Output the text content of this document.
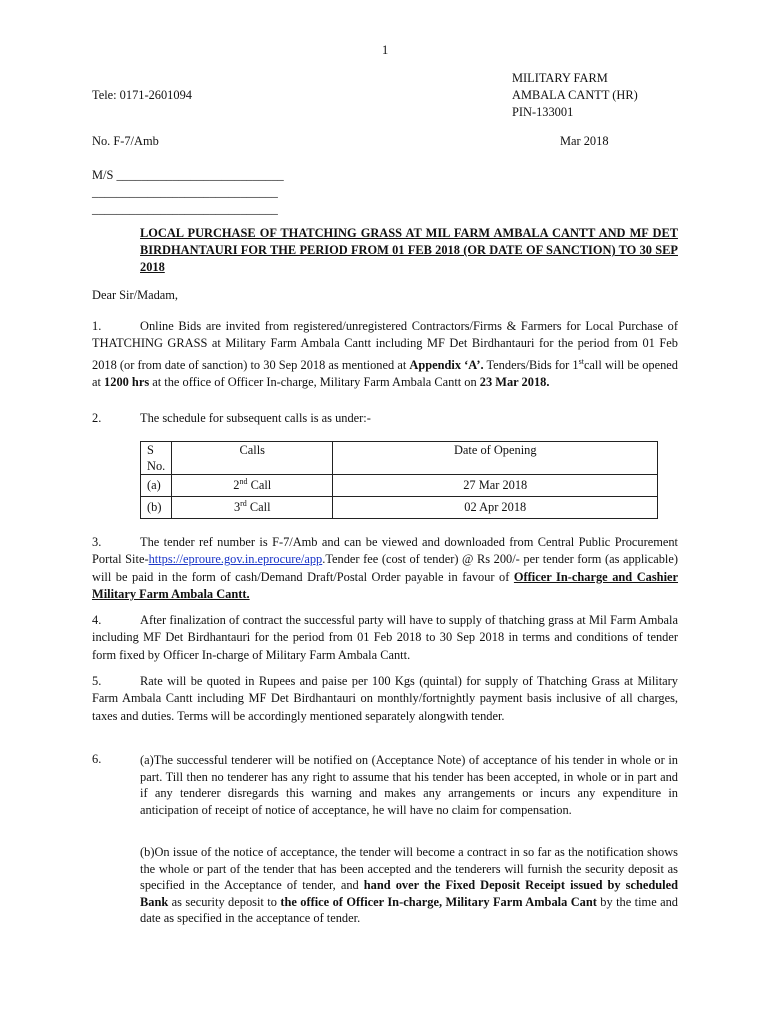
1
Tele: 0171-2601094
MILITARY FARM
AMBALA CANTT (HR)
PIN-133001
No. F-7/Amb	Mar 2018
M/S ___________________________
______________________________
______________________________
LOCAL PURCHASE OF THATCHING GRASS AT MIL FARM AMBALA CANTT AND MF DET BIRDHANTAURI FOR THE PERIOD FROM 01 FEB 2018 (OR DATE OF SANCTION) TO 30 SEP 2018
Dear Sir/Madam,
1.	Online Bids are invited from registered/unregistered Contractors/Firms & Farmers for Local Purchase of THATCHING GRASS at Military Farm Ambala Cantt including MF Det Birdhantauri for the period from 01 Feb 2018 (or from date of sanction) to 30 Sep 2018 as mentioned at Appendix ‘A’. Tenders/Bids for 1stcall will be opened at 1200 hrs at the office of Officer In-charge, Military Farm Ambala Cantt on 23 Mar 2018.
2.	The schedule for subsequent calls is as under:-
S
No.	Calls	Date of Opening
(a)	2nd Call	27 Mar 2018
(b)	3rd Call	02 Apr 2018
3.	The tender ref number is F-7/Amb and can be viewed and downloaded from Central Public Procurement Portal Site-https://eproure.gov.in.eprocure/app.Tender fee (cost of tender) @ Rs 200/- per tender form (as applicable) will be paid in the form of cash/Demand Draft/Postal Order payable in favour of Officer In-charge and Cashier Military Farm Ambala Cantt.
4.	After finalization of contract the successful party will have to supply of thatching grass at Mil Farm Ambala including MF Det Birdhantauri for the period from 01 Feb 2018 to 30 Sep 2018 in terms and conditions of tender form fixed by Officer In-charge of Military Farm Ambala Cantt.
5.	Rate will be quoted in Rupees and paise per 100 Kgs (quintal) for supply of Thatching Grass at Military Farm Ambala Cantt including MF Det Birdhantauri on monthly/fortnightly payment basis inclusive of all charges, taxes and duties. Terms will be accordingly mentioned separately alongwith tender.
6.	(a)The successful tenderer will be notified on (Acceptance Note) of acceptance of his tender in whole or in part. Till then no tenderer has any right to assume that his tender has been accepted, in whole or in part and if any tenderer disregards this warning and makes any arrangements or incurs any expenditure in anticipation of receipt of notice of acceptance, he will have no claim for compensation.
(b)On issue of the notice of acceptance, the tender will become a contract in so far as the notification shows the whole or part of the tender that has been accepted and the tenderers will furnish the security deposit as specified in the Acceptance of tender, and hand over the Fixed Deposit Receipt issued by scheduled Bank as security deposit to the office of Officer In-charge, Military Farm Ambala Cant by the time and date as specified in the acceptance of tender.
